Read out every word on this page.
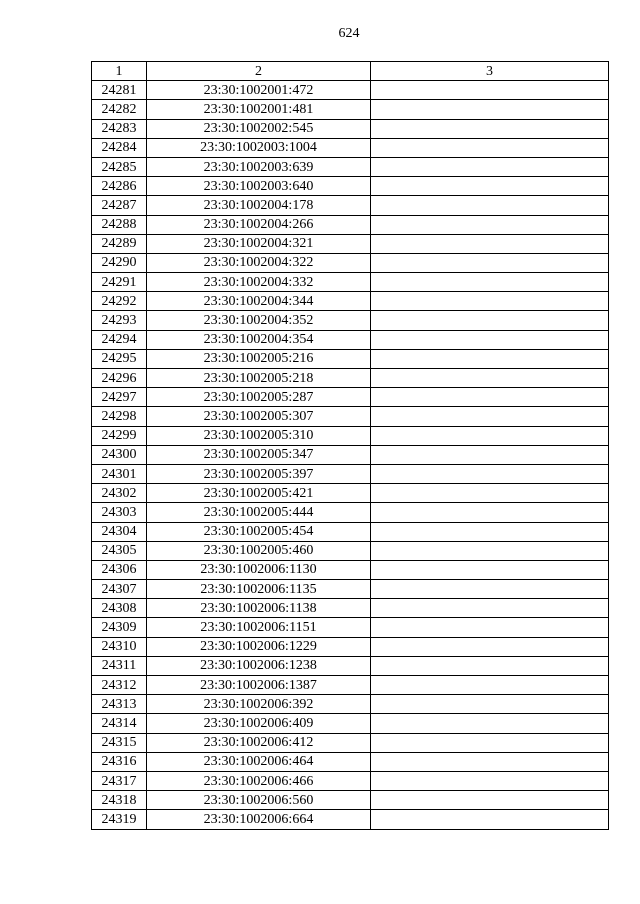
624
1	2	3
24281	23:30:1002001:472	
24282	23:30:1002001:481	
24283	23:30:1002002:545	
24284	23:30:1002003:1004	
24285	23:30:1002003:639	
24286	23:30:1002003:640	
24287	23:30:1002004:178	
24288	23:30:1002004:266	
24289	23:30:1002004:321	
24290	23:30:1002004:322	
24291	23:30:1002004:332	
24292	23:30:1002004:344	
24293	23:30:1002004:352	
24294	23:30:1002004:354	
24295	23:30:1002005:216	
24296	23:30:1002005:218	
24297	23:30:1002005:287	
24298	23:30:1002005:307	
24299	23:30:1002005:310	
24300	23:30:1002005:347	
24301	23:30:1002005:397	
24302	23:30:1002005:421	
24303	23:30:1002005:444	
24304	23:30:1002005:454	
24305	23:30:1002005:460	
24306	23:30:1002006:1130	
24307	23:30:1002006:1135	
24308	23:30:1002006:1138	
24309	23:30:1002006:1151	
24310	23:30:1002006:1229	
24311	23:30:1002006:1238	
24312	23:30:1002006:1387	
24313	23:30:1002006:392	
24314	23:30:1002006:409	
24315	23:30:1002006:412	
24316	23:30:1002006:464	
24317	23:30:1002006:466	
24318	23:30:1002006:560	
24319	23:30:1002006:664	
